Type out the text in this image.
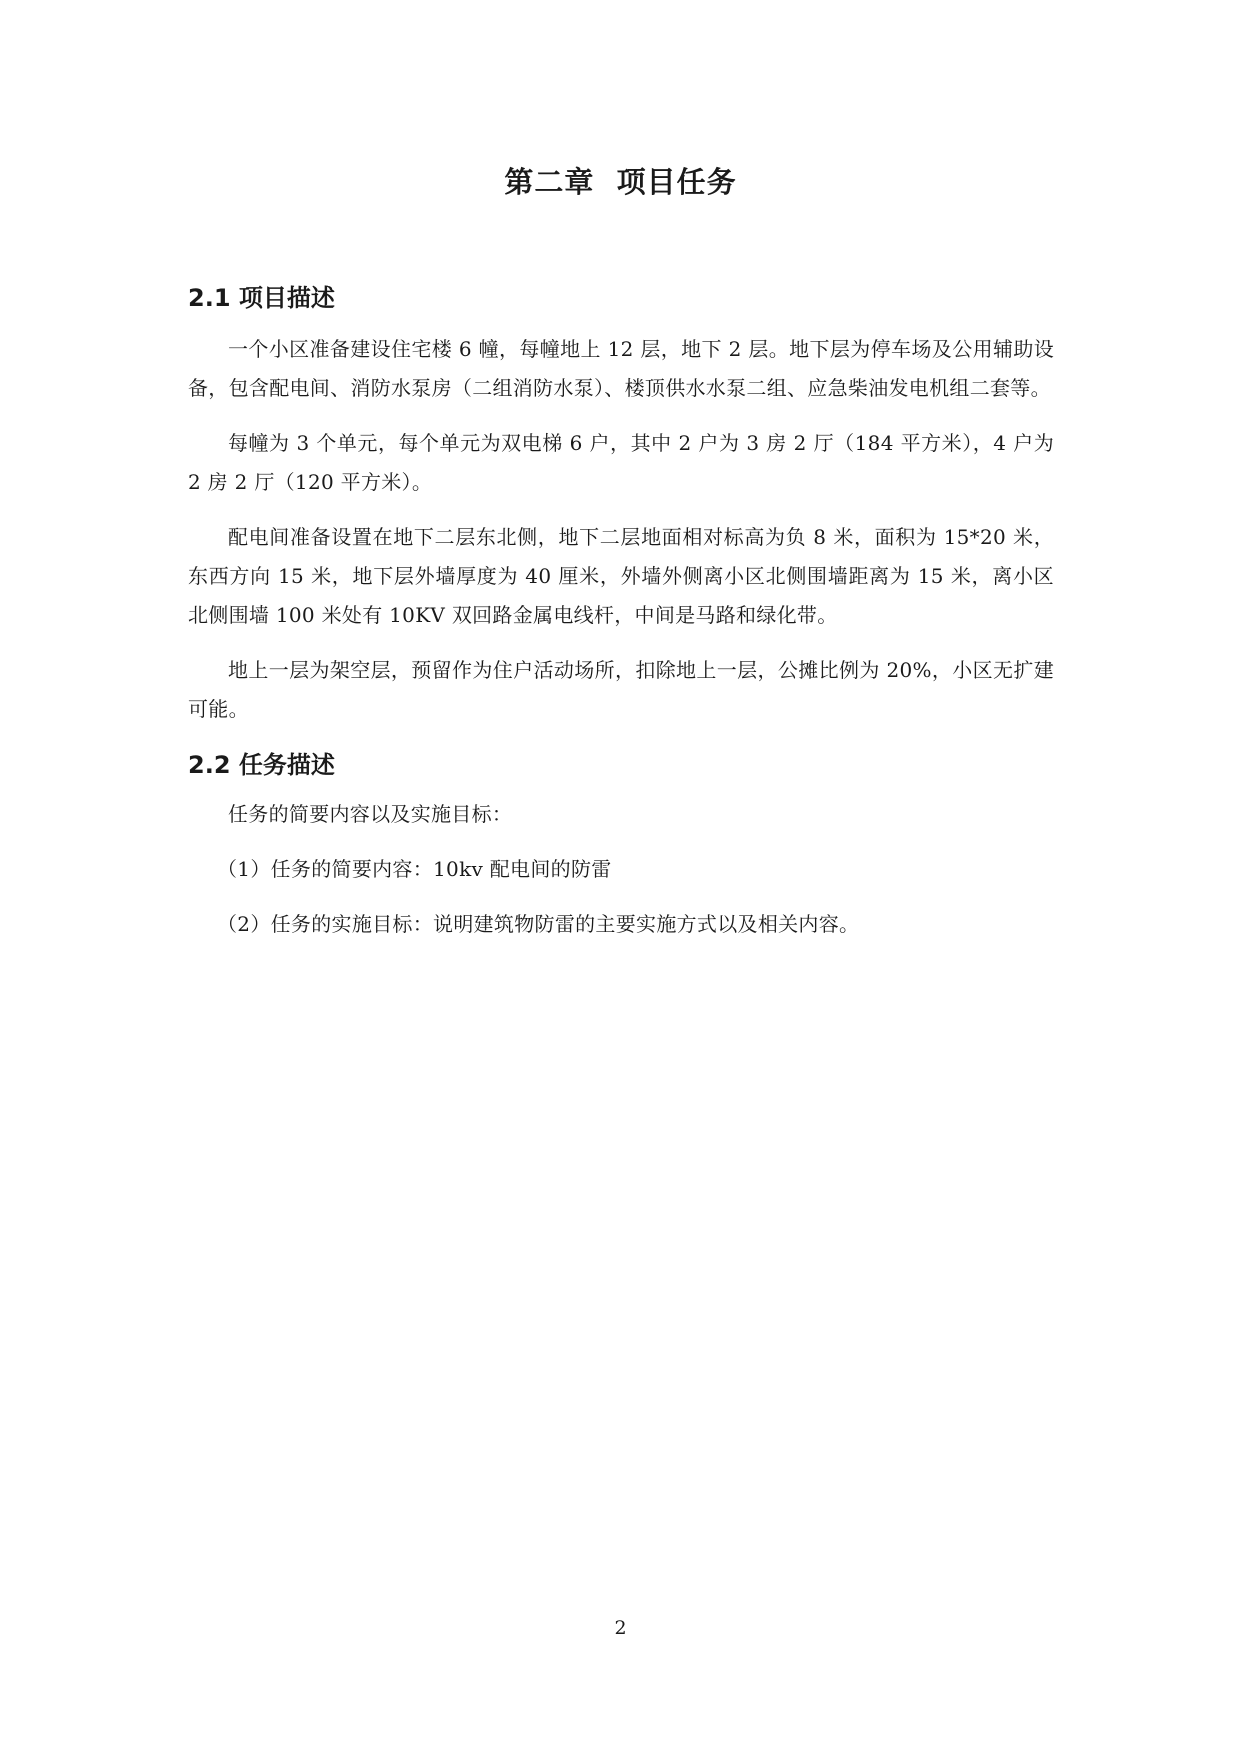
第二章  项目任务
2.1 项目描述

一个小区准备建设住宅楼 6 幢，每幢地上 12 层，地下 2 层。地下层为停车场及公用辅助设备，包含配电间、消防水泵房（二组消防水泵）、楼顶供水水泵二组、应急柴油发电机组二套等。

每幢为 3 个单元，每个单元为双电梯 6 户，其中 2 户为 3 房 2 厅（184 平方米），4 户为 2 房 2 厅（120 平方米）。

配电间准备设置在地下二层东北侧，地下二层地面相对标高为负 8 米，面积为 15*20 米，东西方向 15 米，地下层外墙厚度为 40 厘米，外墙外侧离小区北侧围墙距离为 15 米，离小区北侧围墙 100 米处有 10KV 双回路金属电线杆，中间是马路和绿化带。

地上一层为架空层，预留作为住户活动场所，扣除地上一层，公摊比例为 20%，小区无扩建可能。

2.2 任务描述

任务的简要内容以及实施目标：

（1）任务的简要内容：10kv 配电间的防雷

（2）任务的实施目标：说明建筑物防雷的主要实施方式以及相关内容。

2
